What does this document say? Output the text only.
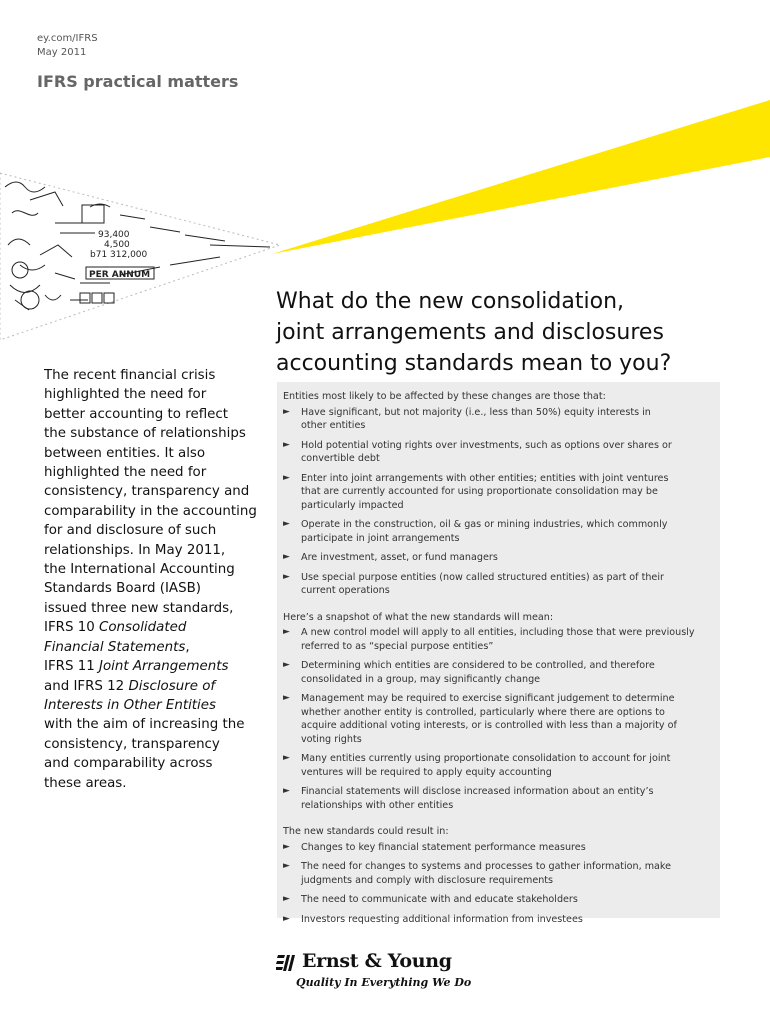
ey.com/IFRS
May 2011
IFRS practical matters
93,400
4,500
b71 312,000
PER ANNUM
What do the new consolidation,
joint arrangements and disclosures
accounting standards mean to you?
The recent financial crisis
highlighted the need for
better accounting to reflect
the substance of relationships
between entities. It also
highlighted the need for
consistency, transparency and
comparability in the accounting
for and disclosure of such
relationships. In May 2011,
the International Accounting
Standards Board (IASB)
issued three new standards,
IFRS 10 Consolidated
Financial Statements,
IFRS 11 Joint Arrangements
and IFRS 12 Disclosure of
Interests in Other Entities
with the aim of increasing the
consistency, transparency
and comparability across
these areas.
Entities most likely to be affected by these changes are those that:
► Have significant, but not majority (i.e., less than 50%) equity interests in
other entities
► Hold potential voting rights over investments, such as options over shares or
convertible debt
► Enter into joint arrangements with other entities; entities with joint ventures
that are currently accounted for using proportionate consolidation may be
particularly impacted
► Operate in the construction, oil & gas or mining industries, which commonly
participate in joint arrangements
► Are investment, asset, or fund managers
► Use special purpose entities (now called structured entities) as part of their
current operations
Here’s a snapshot of what the new standards will mean:
► A new control model will apply to all entities, including those that were previously
referred to as “special purpose entities”
► Determining which entities are considered to be controlled, and therefore
consolidated in a group, may significantly change
► Management may be required to exercise significant judgement to determine
whether another entity is controlled, particularly where there are options to
acquire additional voting interests, or is controlled with less than a majority of
voting rights
► Many entities currently using proportionate consolidation to account for joint
ventures will be required to apply equity accounting
► Financial statements will disclose increased information about an entity’s
relationships with other entities
The new standards could result in:
► Changes to key financial statement performance measures
► The need for changes to systems and processes to gather information, make
judgments and comply with disclosure requirements
► The need to communicate with and educate stakeholders
► Investors requesting additional information from investees
Ernst & Young
Quality In Everything We Do
